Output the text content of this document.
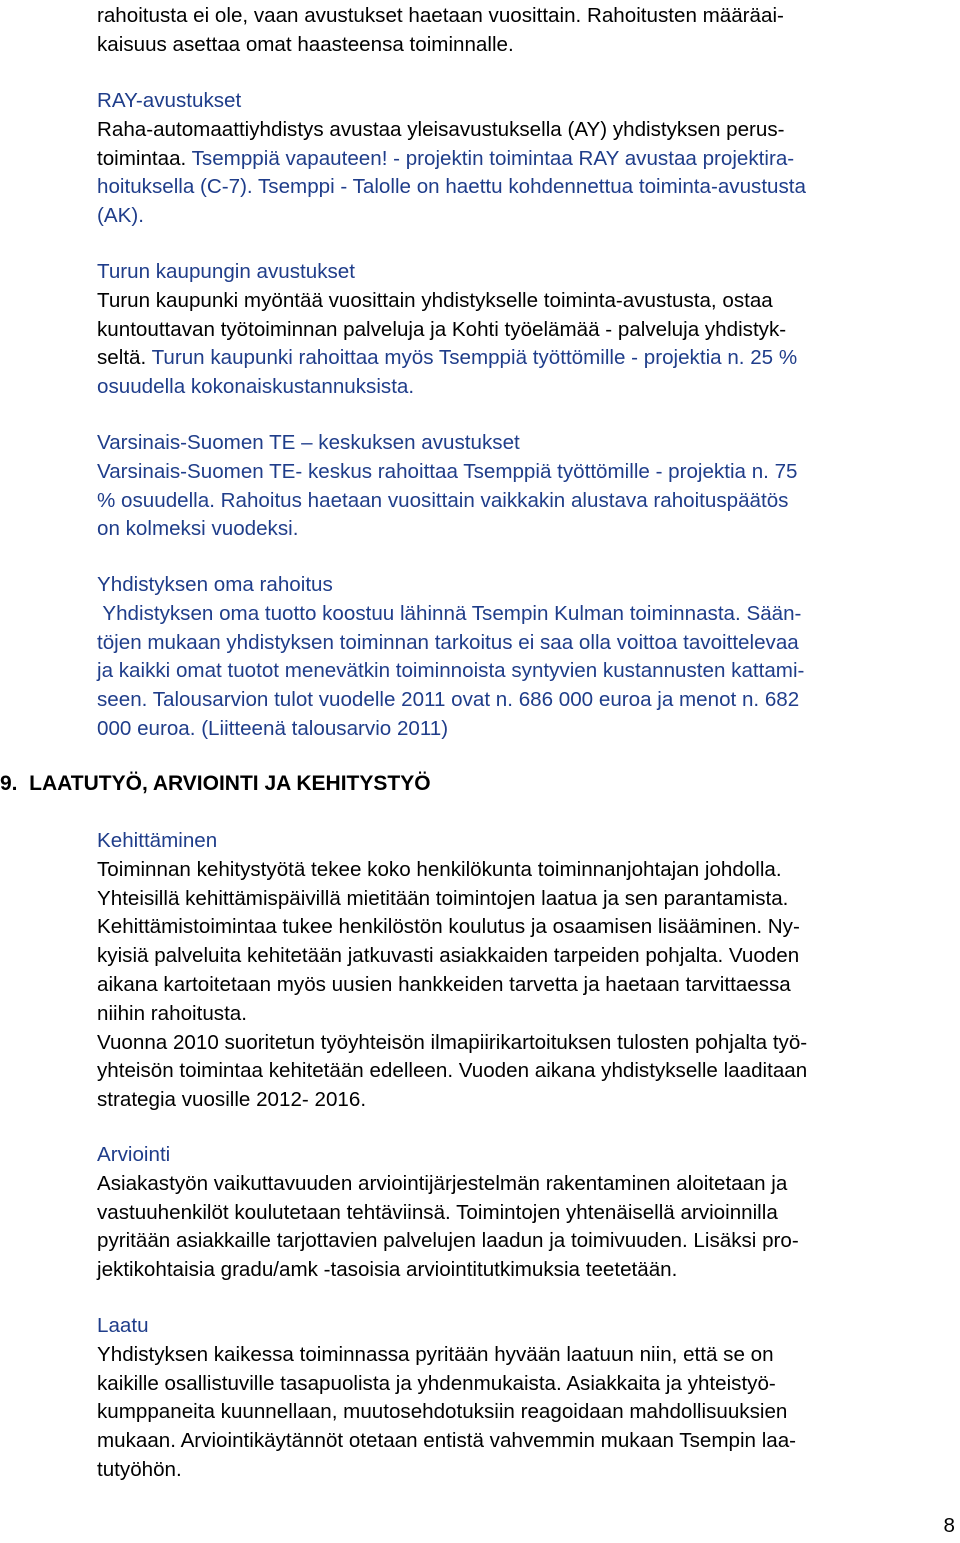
rahoitusta ei ole, vaan avustukset haetaan vuosittain. Rahoitusten määräai-
kaisuus asettaa omat haasteensa toiminnalle.
RAY-avustukset
Raha-automaattiyhdistys avustaa yleisavustuksella (AY) yhdistyksen perus-
toimintaa. Tsemppiä vapauteen! - projektin toimintaa RAY avustaa projektira-
hoituksella (C-7). Tsemppi - Talolle on haettu kohdennettua toiminta-avustusta
(AK).
Turun kaupungin avustukset
Turun kaupunki myöntää vuosittain yhdistykselle toiminta-avustusta, ostaa
kuntouttavan työtoiminnan palveluja ja Kohti työelämää - palveluja yhdistyk-
seltä. Turun kaupunki rahoittaa myös Tsemppiä työttömille - projektia n. 25 %
osuudella kokonaiskustannuksista.
Varsinais-Suomen TE – keskuksen avustukset
Varsinais-Suomen TE- keskus rahoittaa Tsemppiä työttömille - projektia n. 75
% osuudella. Rahoitus haetaan vuosittain vaikkakin alustava rahoituspäätös
on kolmeksi vuodeksi.
Yhdistyksen oma rahoitus
Yhdistyksen oma tuotto koostuu lähinnä Tsempin Kulman toiminnasta. Sään-
töjen mukaan yhdistyksen toiminnan tarkoitus ei saa olla voittoa tavoittelevaa
ja kaikki omat tuotot menevätkin toiminnoista syntyvien kustannusten kattami-
seen. Talousarvion tulot vuodelle 2011 ovat n. 686 000 euroa ja menot n. 682
000 euroa. (Liitteenä talousarvio 2011)
9.  LAATUTYÖ, ARVIOINTI JA KEHITYSTYÖ
Kehittäminen
Toiminnan kehitystyötä tekee koko henkilökunta toiminnanjohtajan johdolla.
Yhteisillä kehittämispäivillä mietitään toimintojen laatua ja sen parantamista.
Kehittämistoimintaa tukee henkilöstön koulutus ja osaamisen lisääminen. Ny-
kyisiä palveluita kehitetään jatkuvasti asiakkaiden tarpeiden pohjalta. Vuoden
aikana kartoitetaan myös uusien hankkeiden tarvetta ja haetaan tarvittaessa
niihin rahoitusta.
Vuonna 2010 suoritetun työyhteisön ilmapiirikartoituksen tulosten pohjalta työ-
yhteisön toimintaa kehitetään edelleen. Vuoden aikana yhdistykselle laaditaan
strategia vuosille 2012- 2016.
Arviointi
Asiakastyön vaikuttavuuden arviointijärjestelmän rakentaminen aloitetaan ja
vastuuhenkilöt koulutetaan tehtäviinsä. Toimintojen yhtenäisellä arvioinnilla
pyritään asiakkaille tarjottavien palvelujen laadun ja toimivuuden. Lisäksi pro-
jektikohtaisia gradu/amk -tasoisia arviointitutkimuksia teetetään.
Laatu
Yhdistyksen kaikessa toiminnassa pyritään hyvään laatuun niin, että se on
kaikille osallistuville tasapuolista ja yhdenmukaista. Asiakkaita ja yhteistyö-
kumppaneita kuunnellaan, muutosehdotuksiin reagoidaan mahdollisuuksien
mukaan. Arviointikäytännöt otetaan entistä vahvemmin mukaan Tsempin laa-
tutyöhön.
8
